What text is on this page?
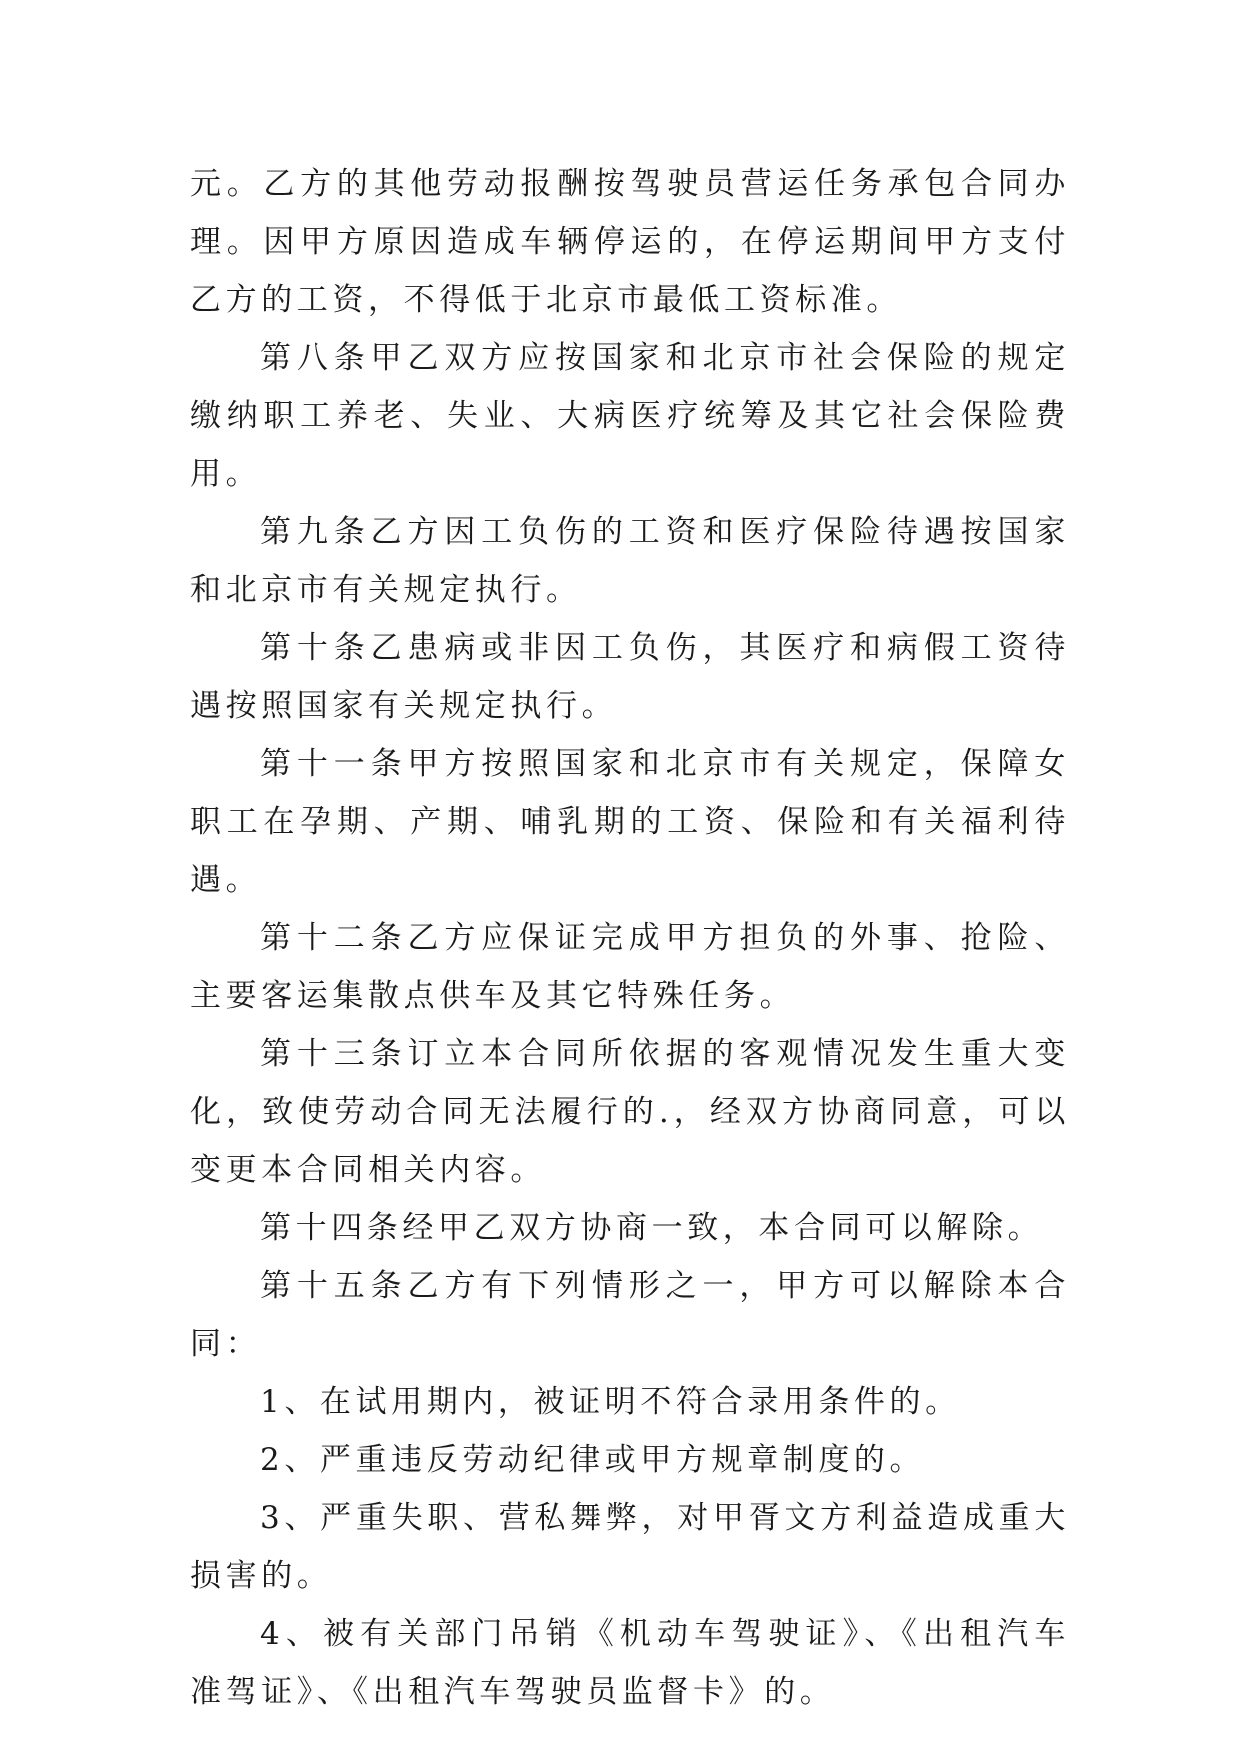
元。乙方的其他劳动报酬按驾驶员营运任务承包合同办理。因甲方原因造成车辆停运的，在停运期间甲方支付乙方的工资，不得低于北京市最低工资标准。

第八条甲乙双方应按国家和北京市社会保险的规定缴纳职工养老、失业、大病医疗统筹及其它社会保险费用。

第九条乙方因工负伤的工资和医疗保险待遇按国家和北京市有关规定执行。

第十条乙患病或非因工负伤，其医疗和病假工资待遇按照国家有关规定执行。

第十一条甲方按照国家和北京市有关规定，保障女职工在孕期、产期、哺乳期的工资、保险和有关福利待遇。

第十二条乙方应保证完成甲方担负的外事、抢险、主要客运集散点供车及其它特殊任务。

第十三条订立本合同所依据的客观情况发生重大变化，致使劳动合同无法履行的.，经双方协商同意，可以变更本合同相关内容。

第十四条经甲乙双方协商一致，本合同可以解除。

第十五条乙方有下列情形之一，甲方可以解除本合同：

1、在试用期内，被证明不符合录用条件的。

2、严重违反劳动纪律或甲方规章制度的。

3、严重失职、营私舞弊，对甲胥文方利益造成重大损害的。

4、被有关部门吊销《机动车驾驶证》、《出租汽车准驾证》、《出租汽车驾驶员监督卡》的。
